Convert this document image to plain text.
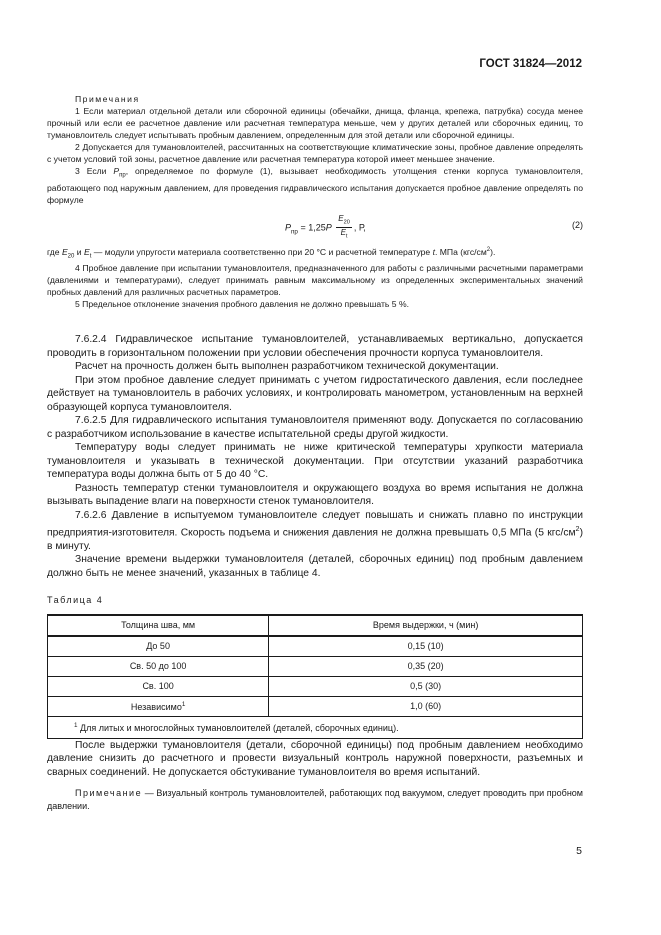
ГОСТ 31824—2012

Примечания

1 Если материал отдельной детали или сборочной единицы (обечайки, днища, фланца, крепежа, патрубка) сосуда менее прочный или если ее расчетное давление или расчетная температура меньше, чем у других деталей или сборочных единиц, то тумановлоитель следует испытывать пробным давлением, определенным для этой детали или сборочной единицы.

2 Допускается для тумановлоителей, рассчитанных на соответствующие климатические зоны, пробное давление определять с учетом условий той зоны, расчетное давление или расчетная температура которой имеет меньшее значение.

3 Если $P_{пр}$, определяемое по формуле (1), вызывает необходимость утолщения стенки корпуса тумановлоителя, работающего под наружным давлением, для проведения гидравлического испытания допускается пробное давление определять по формуле

$P_{пр} = 1,25P \frac{E_{20}}{E_t}$ , Р,	(2)

где $E_{20}$ и $E_t$ — модули упругости материала соответственно при 20 °С и расчетной температуре t. МПа $(кгс/см^2)$.

4 Пробное давление при испытании тумановлоителя, предназначенного для работы с различными расчетными параметрами (давлениями и температурами), следует принимать равным максимальному из определенных экспериментальных значений пробных давлений для различных расчетных параметров.

5 Предельное отклонение значения пробного давления не должно превышать 5 %.

7.6.2.4 Гидравлическое испытание тумановлоителей, устанавливаемых вертикально, допускается проводить в горизонтальном положении при условии обеспечения прочности корпуса тумановлоителя.

Расчет на прочность должен быть выполнен разработчиком технической документации.

При этом пробное давление следует принимать с учетом гидростатического давления, если последнее действует на тумановлоитель в рабочих условиях, и контролировать манометром, установленным на верхней образующей корпуса тумановлоителя.

7.6.2.5 Для гидравлического испытания тумановлоителя применяют воду. Допускается по согласованию с разработчиком использование в качестве испытательной среды другой жидкости.

Температуру воды следует принимать не ниже критической температуры хрупкости материала тумановлоителя и указывать в технической документации. При отсутствии указаний разработчика температура воды должна быть от 5 до 40 °С.

Разность температур стенки тумановлоителя и окружающего воздуха во время испытания не должна вызывать выпадение влаги на поверхности стенок тумановлоителя.

7.6.2.6 Давление в испытуемом тумановлоителе следует повышать и снижать плавно по инструкции предприятия-изготовителя. Скорость подъема и снижения давления не должна превышать 0,5 МПа (5 кгс/$см^2$) в минуту.

Значение времени выдержки тумановлоителя (деталей, сборочных единиц) под пробным давлением должно быть не менее значений, указанных в таблице 4.

Таблица 4
Толщина шва, мм	Время выдержки, ч (мин)
До 50	0,15 (10)
Св. 50 до 100	0,35 (20)
Св. 100	0,5 (30)
Независимо$^1$	1,0 (60)
$^1$ Для литых и многослойных тумановлоителей (деталей, сборочных единиц).	

После выдержки тумановлоителя (детали, сборочной единицы) под пробным давлением необходимо давление снизить до расчетного и провести визуальный контроль наружной поверхности, разъемных и сварных соединений. Не допускается обстукивание тумановлоителя во время испытаний.

Примечание — Визуальный контроль тумановлоителей, работающих под вакуумом, следует проводить при пробном давлении.
5
